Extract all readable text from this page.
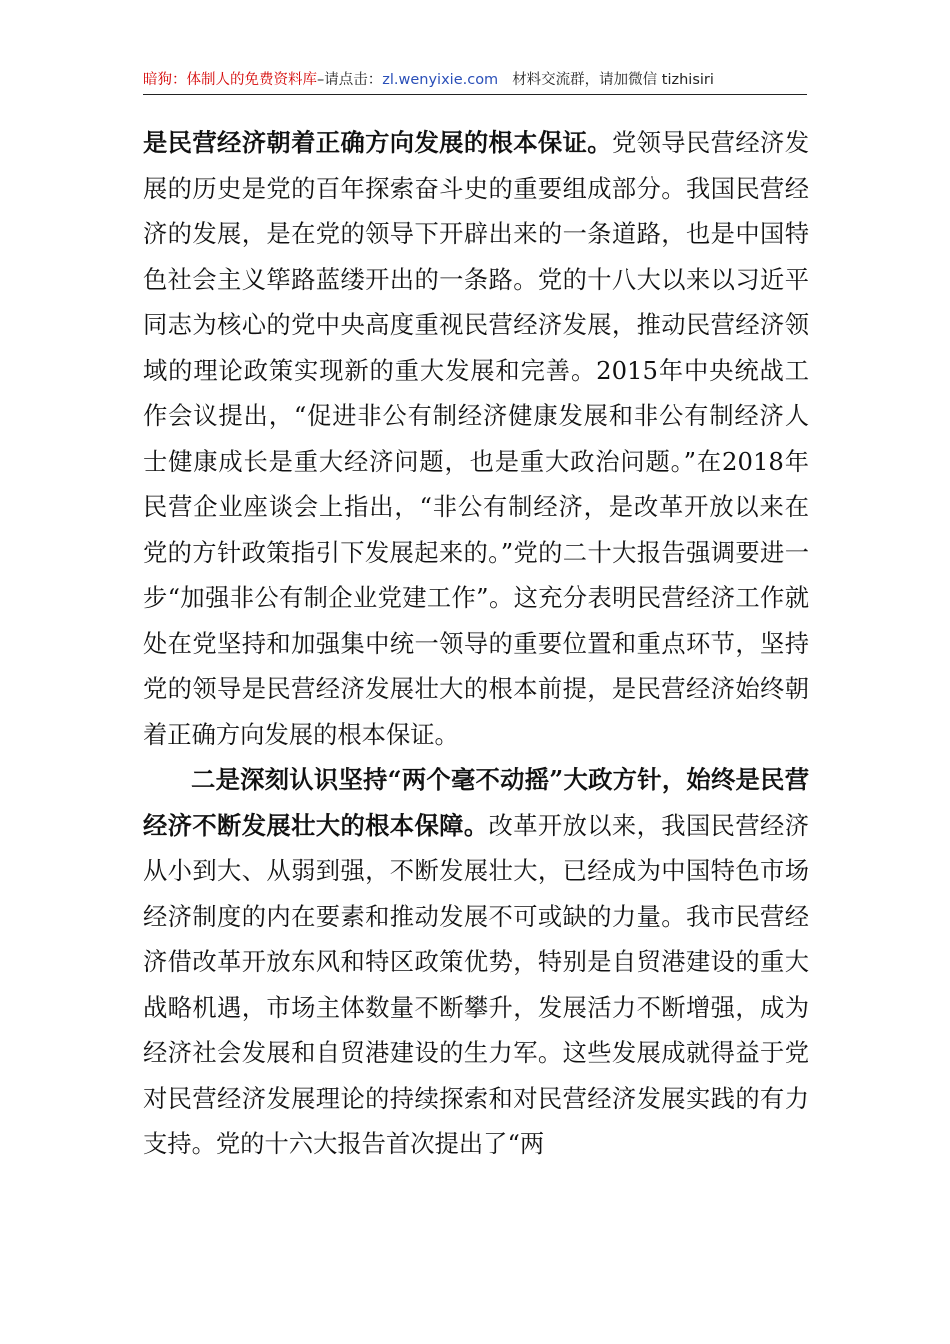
暗狗：体制人的免费资料库–请点击：zl.wenyixie.com 材料交流群，请加微信 tizhisiri

是民营经济朝着正确方向发展的根本保证。党领导民营经济发展的历史是党的百年探索奋斗史的重要组成部分。我国民营经济的发展，是在党的领导下开辟出来的一条道路，也是中国特色社会主义筚路蓝缕开出的一条路。党的十八大以来以习近平同志为核心的党中央高度重视民营经济发展，推动民营经济领域的理论政策实现新的重大发展和完善。2015年中央统战工作会议提出，“促进非公有制经济健康发展和非公有制经济人士健康成长是重大经济问题，也是重大政治问题。”在2018年民营企业座谈会上指出，“非公有制经济，是改革开放以来在党的方针政策指引下发展起来的。”党的二十大报告强调要进一步“加强非公有制企业党建工作”。这充分表明民营经济工作就处在党坚持和加强集中统一领导的重要位置和重点环节，坚持党的领导是民营经济发展壮大的根本前提，是民营经济始终朝着正确方向发展的根本保证。

二是深刻认识坚持“两个毫不动摇”大政方针，始终是民营经济不断发展壮大的根本保障。改革开放以来，我国民营经济从小到大、从弱到强，不断发展壮大，已经成为中国特色市场经济制度的内在要素和推动发展不可或缺的力量。我市民营经济借改革开放东风和特区政策优势，特别是自贸港建设的重大战略机遇，市场主体数量不断攀升，发展活力不断增强，成为经济社会发展和自贸港建设的生力军。这些发展成就得益于党对民营经济发展理论的持续探索和对民营经济发展实践的有力支持。党的十六大报告首次提出了“两
